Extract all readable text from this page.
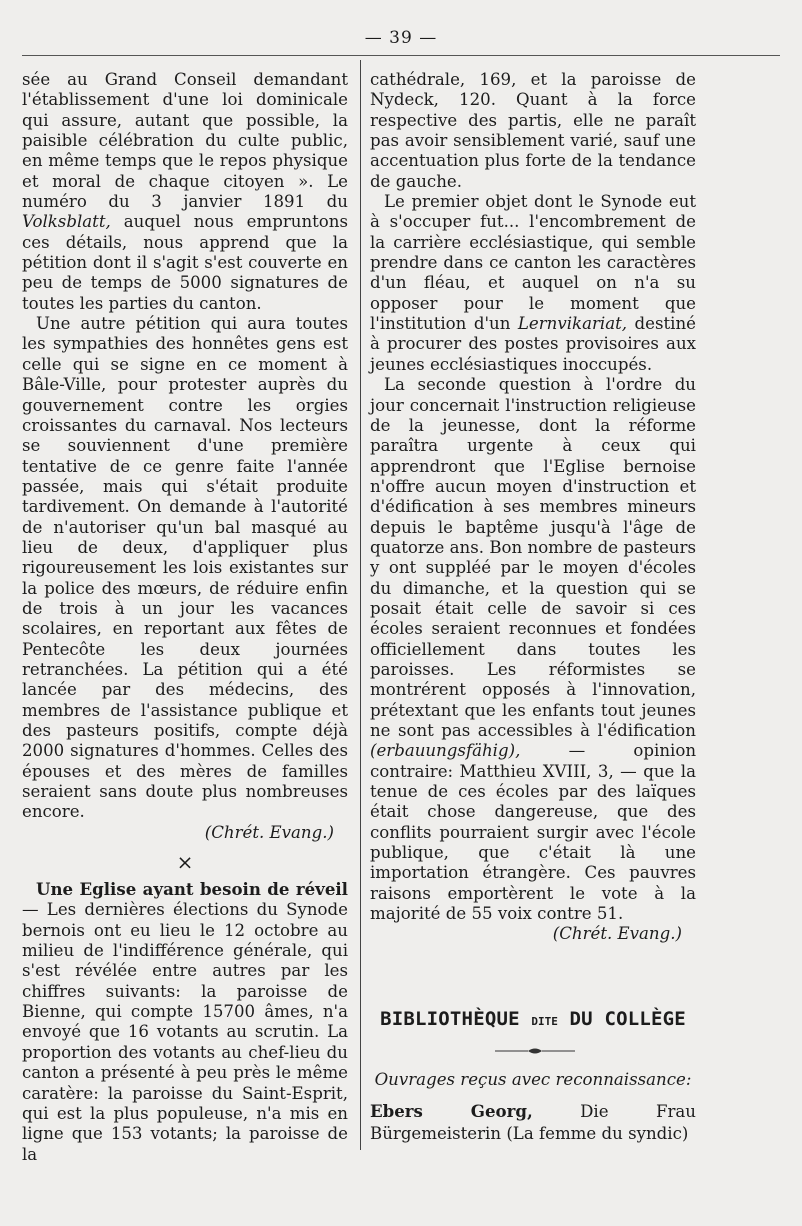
— 39 —

sée au Grand Conseil demandant l'établissement d'une loi dominicale qui assure, autant que possible, la paisible célébration du culte public, en même temps que le repos physique et moral de chaque citoyen ». Le numéro du 3 janvier 1891 du Volksblatt, auquel nous empruntons ces détails, nous apprend que la pétition dont il s'agit s'est couverte en peu de temps de 5000 signatures de toutes les parties du canton.

Une autre pétition qui aura toutes les sympathies des honnêtes gens est celle qui se signe en ce moment à Bâle-Ville, pour protester auprès du gouvernement contre les orgies croissantes du carnaval. Nos lecteurs se souviennent d'une première tentative de ce genre faite l'année passée, mais qui s'était produite tardivement. On demande à l'autorité de n'autoriser qu'un bal masqué au lieu de deux, d'appliquer plus rigoureusement les lois existantes sur la police des mœurs, de réduire enfin de trois à un jour les vacances scolaires, en reportant aux fêtes de Pentecôte les deux journées retranchées. La pétition qui a été lancée par des médecins, des membres de l'assistance publique et des pasteurs positifs, compte déjà 2000 signatures d'hommes. Celles des épouses et des mères de familles seraient sans doute plus nombreuses encore.

(Chrét. Evang.)

×

Une Eglise ayant besoin de réveil — Les dernières élections du Synode bernois ont eu lieu le 12 octobre au milieu de l'indifférence générale, qui s'est révélée entre autres par les chiffres suivants: la paroisse de Bienne, qui compte 15700 âmes, n'a envoyé que 16 votants au scrutin. La proportion des votants au chef-lieu du canton a présenté à peu près le même caratère: la paroisse du Saint-Esprit, qui est la plus populeuse, n'a mis en ligne que 153 votants; la paroisse de la

cathédrale, 169, et la paroisse de Nydeck, 120. Quant à la force respective des partis, elle ne paraît pas avoir sensiblement varié, sauf une accentuation plus forte de la tendance de gauche.

Le premier objet dont le Synode eut à s'occuper fut... l'encombrement de la carrière ecclésiastique, qui semble prendre dans ce canton les caractères d'un fléau, et auquel on n'a su opposer pour le moment que l'institution d'un Lernvikariat, destiné à procurer des postes provisoires aux jeunes ecclésiastiques inoccupés.

La seconde question à l'ordre du jour concernait l'instruction religieuse de la jeunesse, dont la réforme paraîtra urgente à ceux qui apprendront que l'Eglise bernoise n'offre aucun moyen d'instruction et d'édification à ses membres mineurs depuis le baptême jusqu'à l'âge de quatorze ans. Bon nombre de pasteurs y ont suppléé par le moyen d'écoles du dimanche, et la question qui se posait était celle de savoir si ces écoles seraient reconnues et fondées officiellement dans toutes les paroisses. Les réformistes se montrérent opposés à l'innovation, prétextant que les enfants tout jeunes ne sont pas accessibles à l'édification (erbauungsfähig), — opinion contraire: Matthieu XVIII, 3, — que la tenue de ces écoles par des laïques était chose dangereuse, que des conflits pourraient surgir avec l'école publique, que c'était là une importation étrangère. Ces pauvres raisons emportèrent le vote à la majorité de 55 voix contre 51.

(Chrét. Evang.)

BIBLIOTHÈQUE DITE DU COLLÈGE
Ouvrages reçus avec reconnaissance:
Ebers Georg, Die Frau Bürgemeisterin (La femme du syndic)
